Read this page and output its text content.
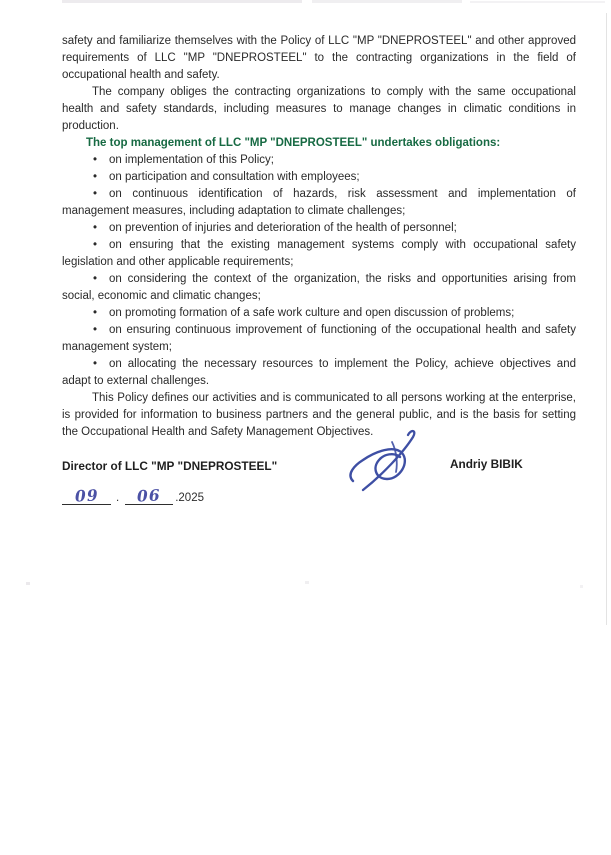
safety and familiarize themselves with the Policy of LLC "MP "DNEPROSTEEL" and other approved requirements of LLC "MP "DNEPROSTEEL" to the contracting organizations in the field of occupational health and safety.

The company obliges the contracting organizations to comply with the same occupational health and safety standards, including measures to manage changes in climatic conditions in production.

The top management of LLC "MP "DNEPROSTEEL" undertakes obligations:

• on implementation of this Policy;

• on participation and consultation with employees;

• on continuous identification of hazards, risk assessment and implementation of management measures, including adaptation to climate challenges;

• on prevention of injuries and deterioration of the health of personnel;

• on ensuring that the existing management systems comply with occupational safety legislation and other applicable requirements;

• on considering the context of the organization, the risks and opportunities arising from social, economic and climatic changes;

• on promoting formation of a safe work culture and open discussion of problems;

• on ensuring continuous improvement of functioning of the occupational health and safety management system;

• on allocating the necessary resources to implement the Policy, achieve objectives and adapt to external challenges.

This Policy defines our activities and is communicated to all persons working at the enterprise, is provided for information to business partners and the general public, and is the basis for setting the Occupational Health and Safety Management Objectives.

Director of LLC "MP "DNEPROSTEEL"	Andriy BIBIK
09 . 06 .2025
